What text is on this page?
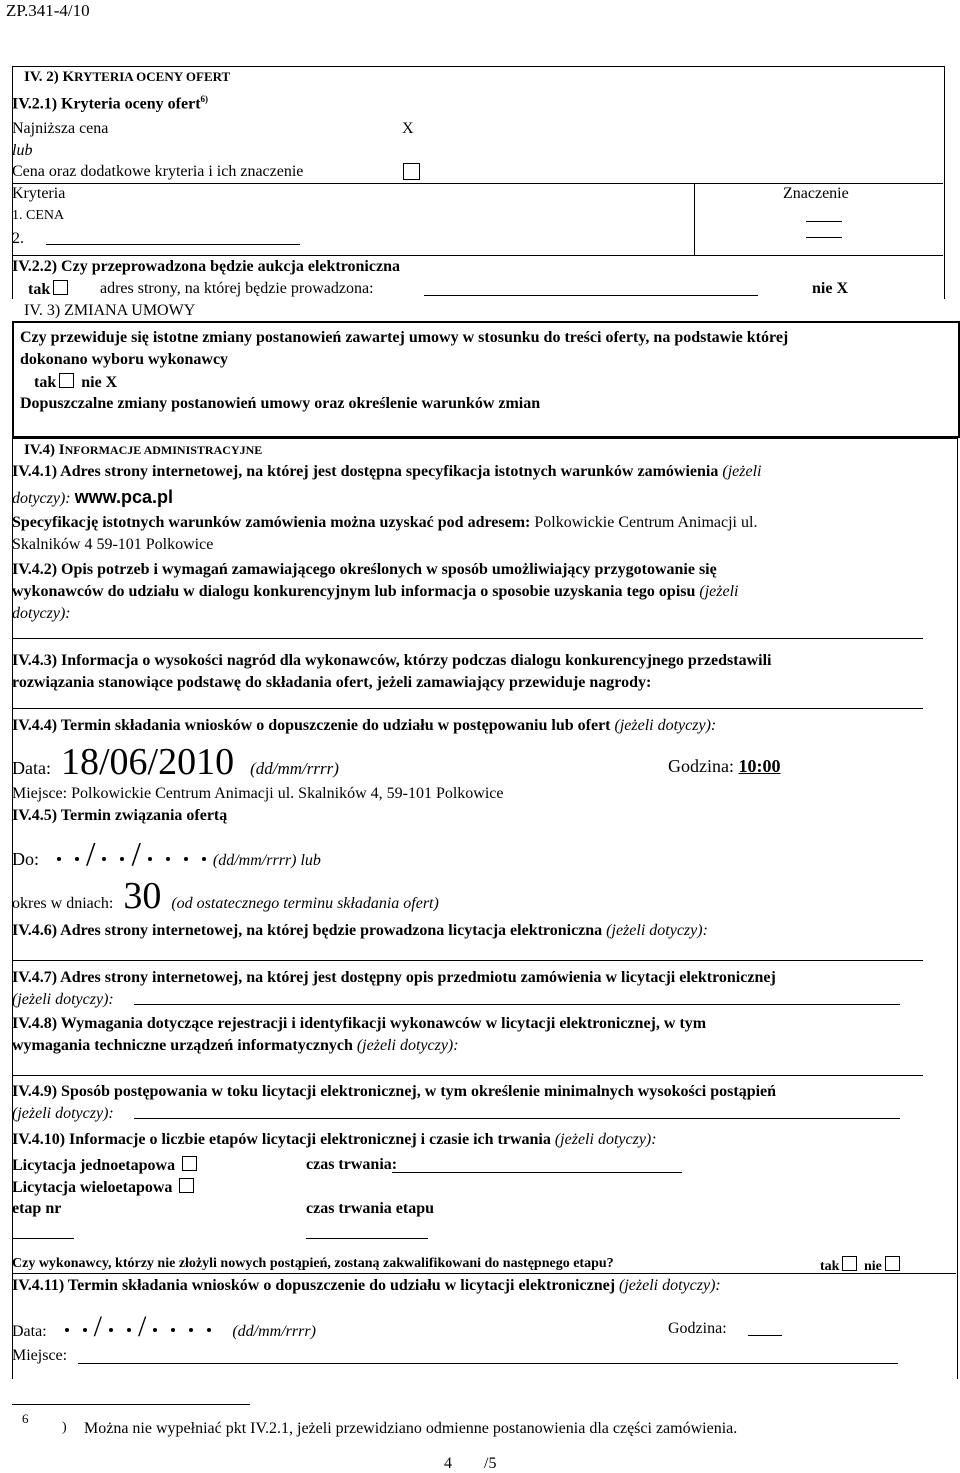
ZP.341-4/10
IV. 2) KRYTERIA OCENY OFERT
IV.2.1) Kryteria oceny ofert$^{6)}$
Najniższa cena	X
lub
Cena oraz dodatkowe kryteria i ich znaczenie
Kryteria	Znaczenie
1. CENA
2.
IV.2.2) Czy przeprowadzona będzie aukcja elektroniczna
tak	adres strony, na której będzie prowadzona:	nie X
IV. 3) ZMIANA UMOWY
Czy przewiduje się istotne zmiany postanowień zawartej umowy w stosunku do treści oferty, na podstawie której
dokonano wyboru wykonawcy
tak nie X
Dopuszczalne zmiany postanowień umowy oraz określenie warunków zmian
IV.4) INFORMACJE ADMINISTRACYJNE
IV.4.1) Adres strony internetowej, na której jest dostępna specyfikacja istotnych warunków zamówienia (jeżeli
dotyczy): www.pca.pl
Specyfikację istotnych warunków zamówienia można uzyskać pod adresem: Polkowickie Centrum Animacji ul.
Skalników 4 59-101 Polkowice
IV.4.2) Opis potrzeb i wymagań zamawiającego określonych w sposób umożliwiający przygotowanie się
wykonawców do udziału w dialogu konkurencyjnym lub informacja o sposobie uzyskania tego opisu (jeżeli
dotyczy):
IV.4.3) Informacja o wysokości nagród dla wykonawców, którzy podczas dialogu konkurencyjnego przedstawili
rozwiązania stanowiące podstawę do składania ofert, jeżeli zamawiający przewiduje nagrody:
IV.4.4) Termin składania wniosków o dopuszczenie do udziału w postępowaniu lub ofert (jeżeli dotyczy):
Data: 18/06/2010 (dd/mm/rrrr)	Godzina: 10:00
Miejsce: Polkowickie Centrum Animacji ul. Skalników 4, 59-101 Polkowice
IV.4.5) Termin związania ofertą
Do: / /	(dd/mm/rrrr) lub
okres w dniach: 30 (od ostatecznego terminu składania ofert)
IV.4.6) Adres strony internetowej, na której będzie prowadzona licytacja elektroniczna (jeżeli dotyczy):
IV.4.7) Adres strony internetowej, na której jest dostępny opis przedmiotu zamówienia w licytacji elektronicznej
(jeżeli dotyczy):
IV.4.8) Wymagania dotyczące rejestracji i identyfikacji wykonawców w licytacji elektronicznej, w tym
wymagania techniczne urządzeń informatycznych (jeżeli dotyczy):
IV.4.9) Sposób postępowania w toku licytacji elektronicznej, w tym określenie minimalnych wysokości postąpień
(jeżeli dotyczy):
IV.4.10) Informacje o liczbie etapów licytacji elektronicznej i czasie ich trwania (jeżeli dotyczy):
Licytacja jednoetapowa	czas trwania:
Licytacja wieloetapowa
etap nr	czas trwania etapu
Czy wykonawcy, którzy nie złożyli nowych postąpień, zostaną zakwalifikowani do następnego etapu?	tak nie
IV.4.11) Termin składania wniosków o dopuszczenie do udziału w licytacji elektronicznej (jeżeli dotyczy):
Data: / /	(dd/mm/rrrr)	Godzina:
Miejsce:
6
) Można nie wypełniać pkt IV.2.1, jeżeli przewidziano odmienne postanowienia dla części zamówienia.
4 /5
